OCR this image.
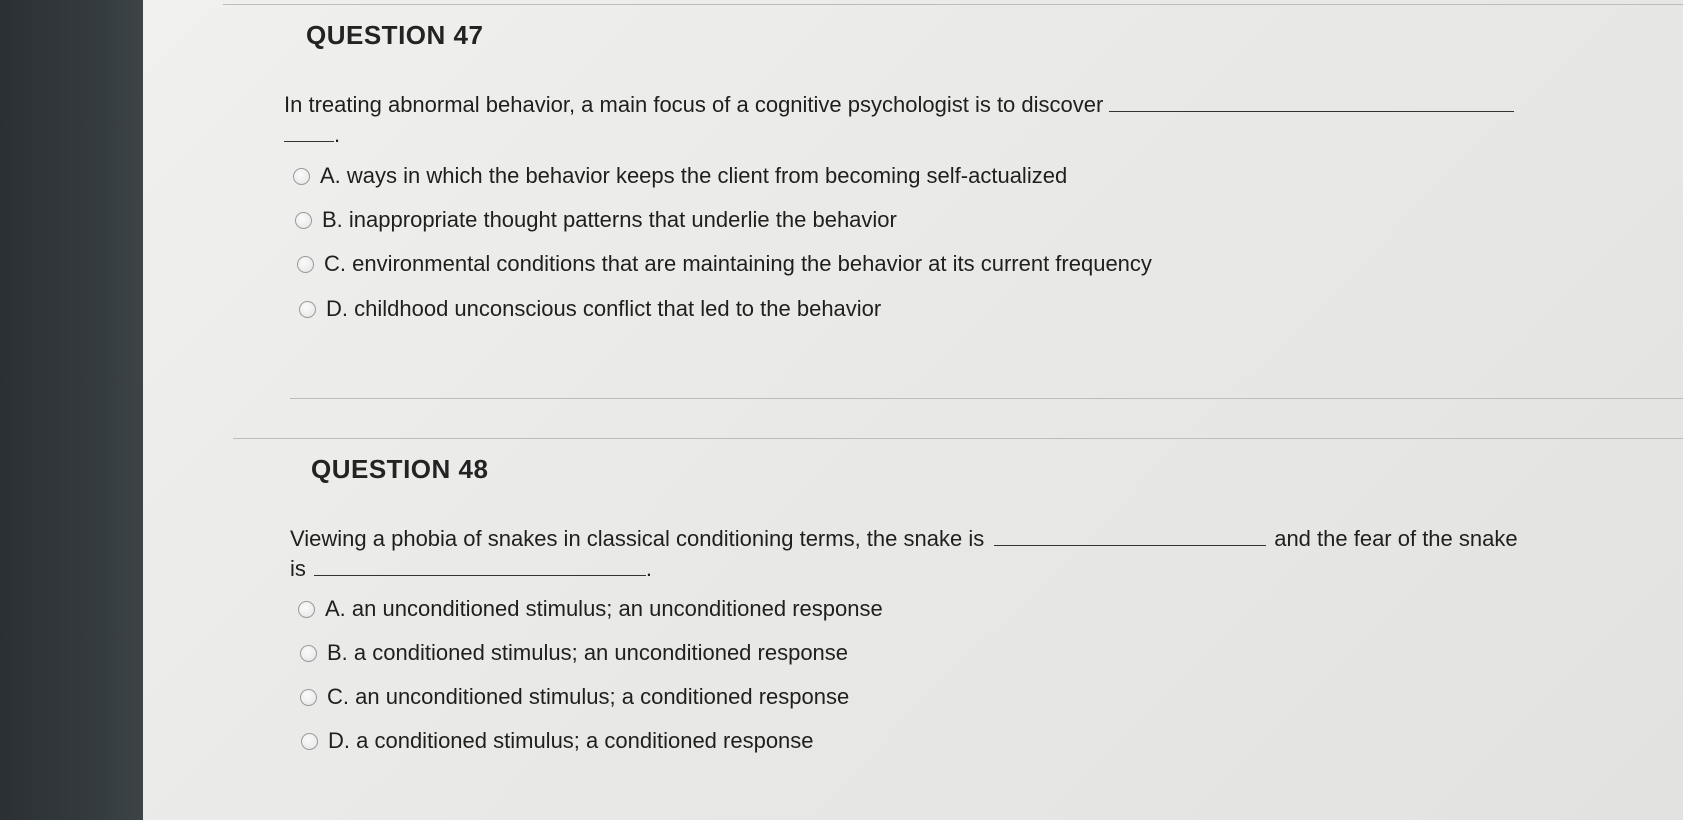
QUESTION 47
In treating abnormal behavior, a main focus of a cognitive psychologist is to discover
.
A.
ways in which the behavior keeps the client from becoming self-actualized
B.
inappropriate thought patterns that underlie the behavior
C.
environmental conditions that are maintaining the behavior at its current frequency
D.
childhood unconscious conflict that led to the behavior
QUESTION 48
Viewing a phobia of snakes in classical conditioning terms, the snake is	and the fear of the snake
is	.
A.
an unconditioned stimulus; an unconditioned response
B.
a conditioned stimulus; an unconditioned response
C.
an unconditioned stimulus; a conditioned response
D.
a conditioned stimulus; a conditioned response
